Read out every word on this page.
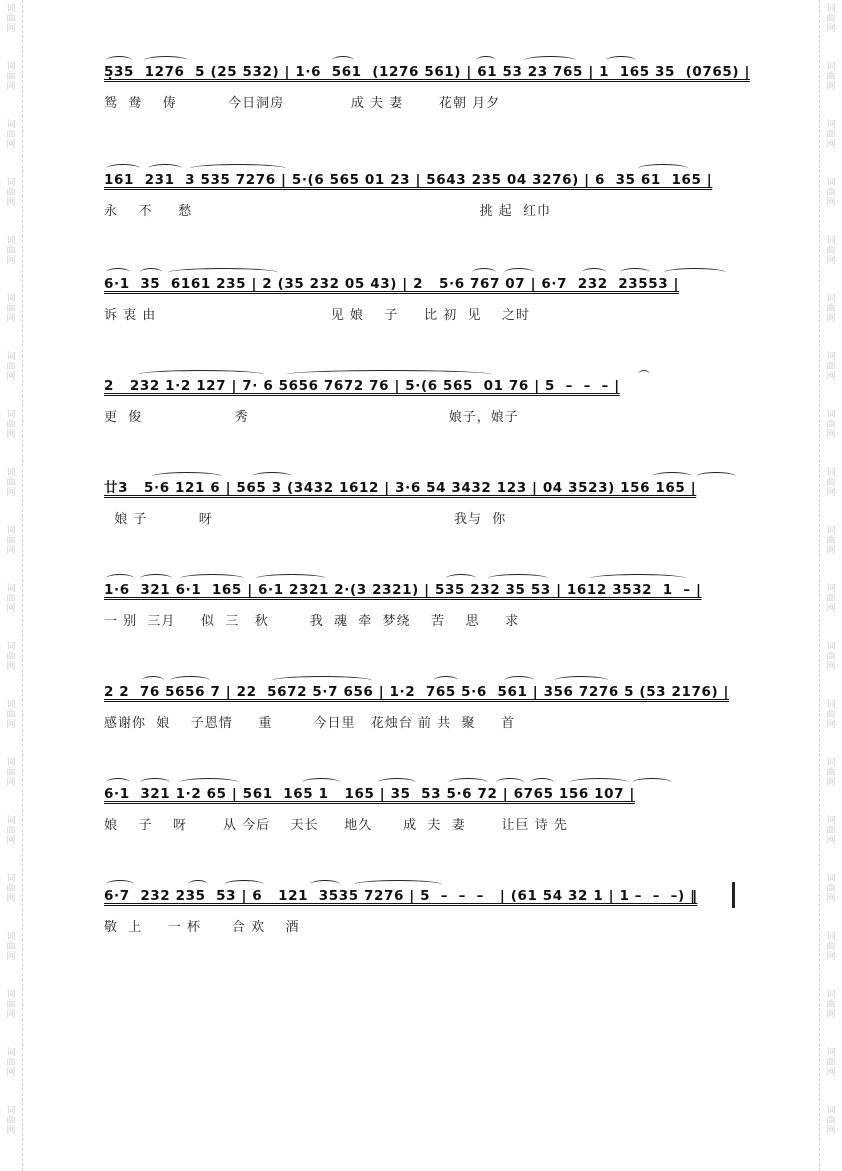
词
曲
网
词
曲
网
词
曲
网
词
曲
网
词
曲
网
词
曲
网
词
曲
网
词
曲
网
词
曲
网
词
曲
网
词
曲
网
词
曲
网
词
曲
网
词
曲
网
词
曲
网
词
曲
网
词
曲
网
词
曲
网
词
曲
网
词
曲
网
词
曲
网
词
曲
网
词
曲
网
词
曲
网
词
曲
网
词
曲
网
词
曲
网
词
曲
网
词
曲
网
词
曲
网
词
曲
网
词
曲
网
词
曲
网
词
曲
网
词
曲
网
词
曲
网
词
曲
网
词
曲
网
词
曲
网
词
曲
网
5̣35  1276  5 (25 532) | 1·6  561  (1276 561) | 61 53 23 765 | 1  165 35  (0765) |
鸳  鸯    俦          今日洞房             成 夫 妻       花朝 月夕
161  231  3 535 7276 | 5·(6 565 01 23 | 5643 235 04 3276) | 6  35 61  165 |
永    不     愁                                                        挑 起  红巾
6·1  35  6161 235 | 2 (35 232 05 43) | 2   5·6 767 07 | 6·7  232  23553 |
诉 衷 由                                  见 娘    子     比 初  见    之时
2   232 1·2 127 | 7· 6 5656 7672 76 | 5·(6 565  01 76 | 5  –  –  – |
更  俊                  秀                                       娘子，娘子
廿3   5·6 121 6 | 565 3 (3432 1612 | 3·6 54 3432 123 | 04 3523) 156 165 |
娘 子          呀                                               我与  你
1·6  321 6·1  165 | 6·1 2321 2·(3 2321) | 535 232 35 53 | 1612 3532  1  – |
一 别  三月     似  三   秋        我  魂  牵  梦绕    苦    思     求
2 2  76 5656 7 | 22  5672 5·7 656 | 1·2  765 5·6  561 | 356 7276 5 (53 2176) |
感谢你  娘    子恩情     重        今日里   花烛台 前 共  聚     首
6·1  321 1·2 65 | 561  165 1   165 | 35  53 5·6 72 | 6765 156 107 |
娘    子    呀       从 今后    天长     地久      成  夫  妻       让巨 诗 先
6·7  232 235  53 | 6   121  3535 7276 | 5  –  –  –   | (61 54 32 1 | 1 –  –  –) ‖
敬  上     一 杯      合 欢    酒
